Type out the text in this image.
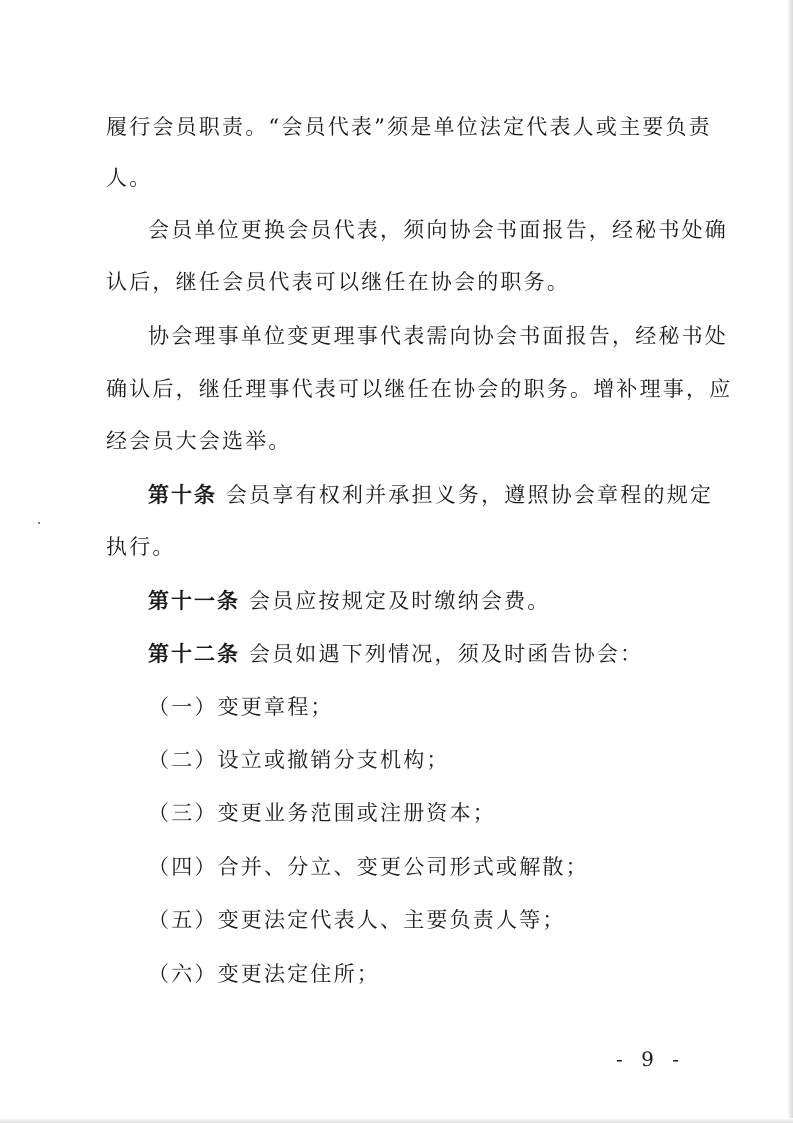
履行会员职责。“会员代表”须是单位法定代表人或主要负责
人。
会员单位更换会员代表，须向协会书面报告，经秘书处确
认后，继任会员代表可以继任在协会的职务。
协会理事单位变更理事代表需向协会书面报告，经秘书处
确认后，继任理事代表可以继任在协会的职务。增补理事，应
经会员大会选举。
第十条 会员享有权利并承担义务，遵照协会章程的规定
执行。
第十一条 会员应按规定及时缴纳会费。
第十二条 会员如遇下列情况，须及时函告协会：
（一）变更章程；
（二）设立或撤销分支机构；
（三）变更业务范围或注册资本；
（四）合并、分立、变更公司形式或解散；
（五）变更法定代表人、主要负责人等；
（六）变更法定住所；
- 9 -
